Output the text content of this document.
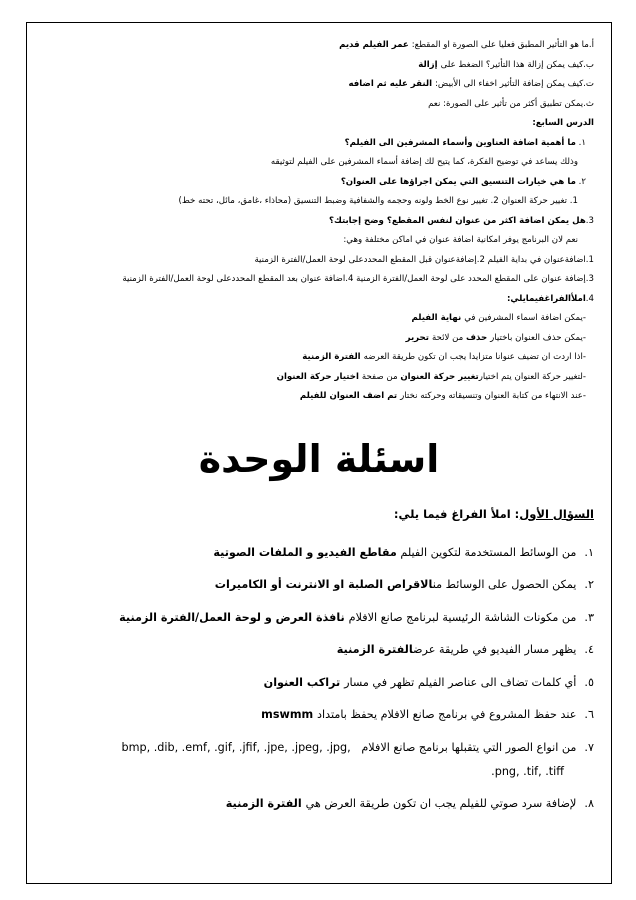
أ.ما هو التأثير المطبق فعليا على الصورة او المقطع: عمر الفيلم قديم
ب.كيف يمكن إزالة هذا التأثير؟ الضغط على إزالة
ت.كيف يمكن إضافة التأثير اخفاء الى الأبيض: النقر عليه ثم اضافه
ث.يمكن تطبيق أكثر من تأثير على الصورة: نعم
الدرس السابع:
١. ما أهمية اضافة العناوين وأسماء المشرفين الى الفيلم؟
وذلك يساعد في توضيح الفكرة، كما يتيح لك إضافة أسماء المشرفين على الفيلم لتوثيقه
٢. ما هي خيارات التنسيق التي يمكن اجراؤها على العنوان؟
1. تغيير حركة العنوان 2. تغيير نوع الخط ولونه وحجمه والشفافية وضبط التنسيق (محاذاء ،غامق، مائل، تحته خط)
3.هل يمكن اضافة اكثر من عنوان لنفس المقطع؟ وضح إجابتك؟
نعم لان البرنامج يوفر امكانية اضافة عنوان في اماكن مختلفة وهي:
1.اضافةعنوان في بداية الفيلم 2.إضافةعنوان قبل المقطع المحددعلى لوحة العمل/الفترة الزمنية
3.إضافة عنوان على المقطع المحدد على لوحة العمل/الفترة الزمنية 4.اضافة عنوان بعد المقطع المحددعلى لوحة العمل/الفترة الزمنية
4.املأالفراغفيمايلي:
-يمكن اضافة اسماء المشرفين في نهاية الفيلم
-يمكن حذف العنوان باختيار حذف من لائحة تحرير
-اذا اردت ان تضيف عنوانا متزايدا يجب ان تكون طريقة العرضه الفترة الزمنية
-لتغيير حركة العنوان يتم اختيارتغيير حركة العنوان من صفحة اختيار حركة العنوان
-عند الانتهاء من كتابة العنوان وتنسيقاته وحركته نختار تم اضف العنوان للفيلم
اسئلة الوحدة
السؤال الأول: املأ الفراغ فيما يلي:
١.من الوسائط المستخدمة لتكوين الفيلم مقاطع الفيديو و الملفات الصوتية
٢.يمكن الحصول على الوسائط منالاقراص الصلبة او الانترنت أو الكاميرات
٣.من مكونات الشاشة الرئيسية لبرنامج صانع الافلام نافذة العرض و لوحة العمل/الفترة الزمنية
٤.يظهر مسار الفيديو في طريقة عرضالفترة الزمنية
٥.أي كلمات تضاف الى عناصر الفيلم تظهر في مسار تراكب العنوان
٦.عند حفظ المشروع في برنامج صانع الافلام يحفظ بامتداد mswmm
٧.من انواع الصور التي يتقبلها برنامج صانع الافلام   bmp, .dib, .emf, .gif, .jfif, .jpe, .jpeg, .jpg,
.png, .tif, .tiff
٨.لإضافة سرد صوتي للفيلم يجب ان تكون طريقة العرض هي الفترة الزمنية
